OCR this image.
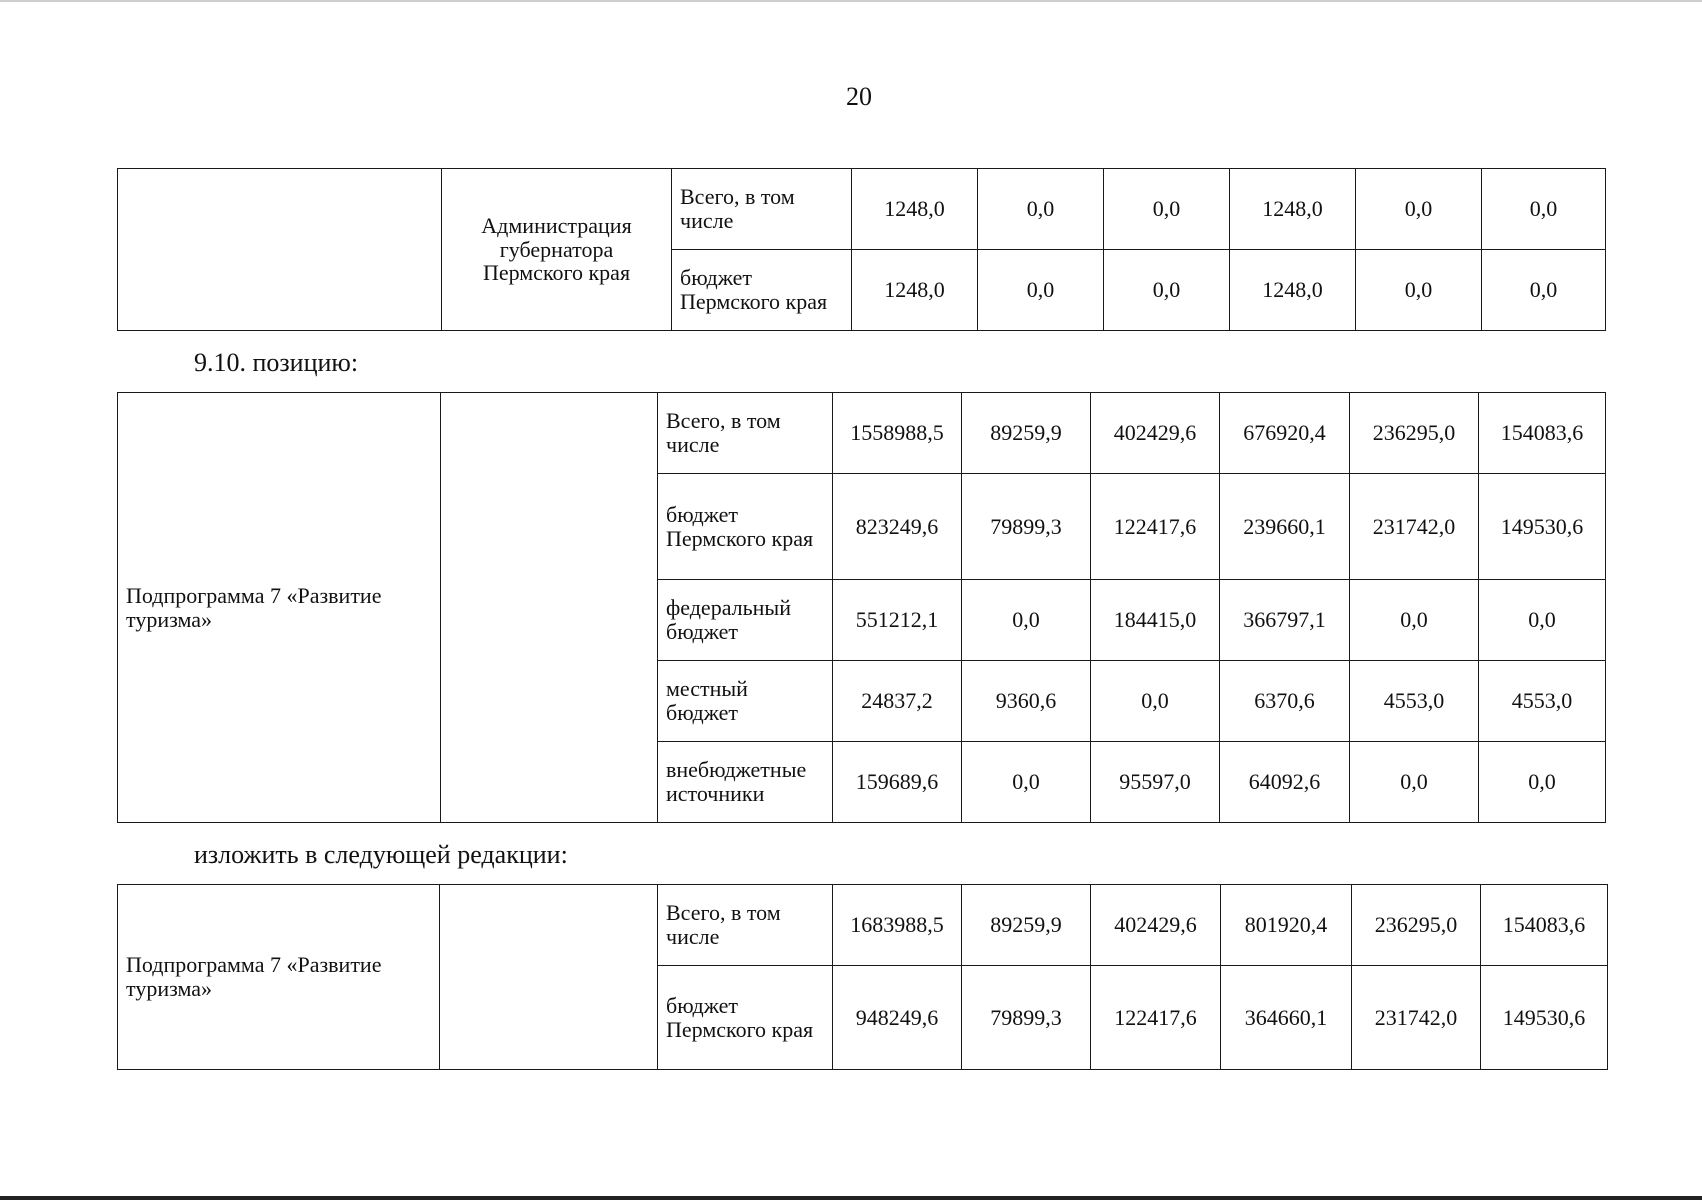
20
	Администрация губернатора Пермского края	Всего, в том числе	1248,0	0,0	0,0	1248,0	0,0	0,0
		бюджет Пермского края	1248,0	0,0	0,0	1248,0	0,0	0,0
9.10. позицию:
Подпрограмма 7 «Развитие туризма»		Всего, в том числе	1558988,5	89259,9	402429,6	676920,4	236295,0	154083,6
		бюджет Пермского края	823249,6	79899,3	122417,6	239660,1	231742,0	149530,6
		федеральный бюджет	551212,1	0,0	184415,0	366797,1	0,0	0,0
		местный бюджет	24837,2	9360,6	0,0	6370,6	4553,0	4553,0
		внебюджетные источники	159689,6	0,0	95597,0	64092,6	0,0	0,0
изложить в следующей редакции:
Подпрограмма 7 «Развитие туризма»		Всего, в том числе	1683988,5	89259,9	402429,6	801920,4	236295,0	154083,6
		бюджет Пермского края	948249,6	79899,3	122417,6	364660,1	231742,0	149530,6
